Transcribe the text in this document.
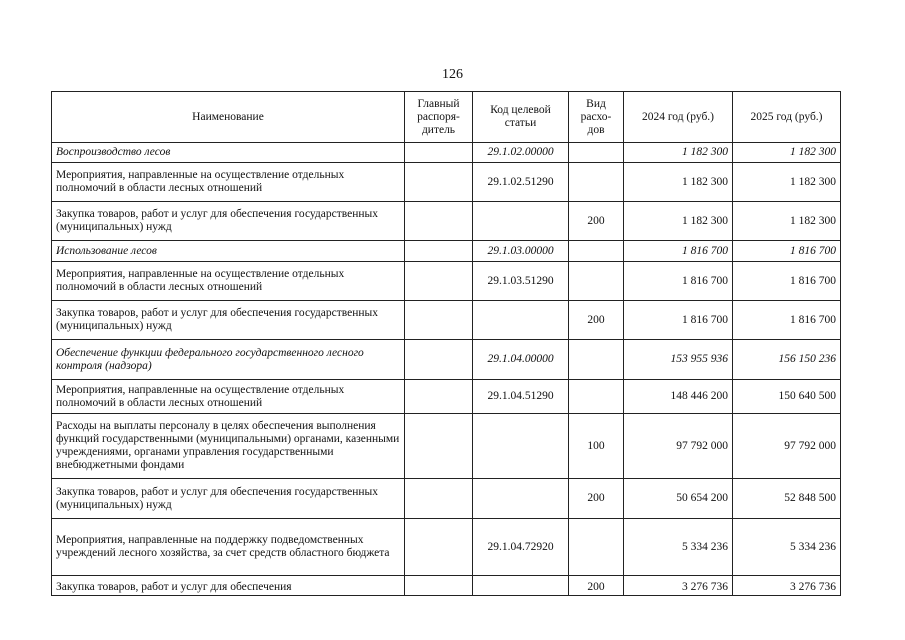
126
Наименование	Главный распоря-дитель	Код целевой статьи	Вид расхо-дов	2024 год (руб.)	2025 год (руб.)
Воспроизводство лесов		29.1.02.00000		1 182 300	1 182 300
Мероприятия, направленные на осуществление отдельных полномочий в области лесных отношений		29.1.02.51290		1 182 300	1 182 300
Закупка товаров, работ и услуг для обеспечения государственных (муниципальных) нужд			200	1 182 300	1 182 300
Использование лесов		29.1.03.00000		1 816 700	1 816 700
Мероприятия, направленные на осуществление отдельных полномочий в области лесных отношений		29.1.03.51290		1 816 700	1 816 700
Закупка товаров, работ и услуг для обеспечения государственных (муниципальных) нужд			200	1 816 700	1 816 700
Обеспечение функции федерального государственного лесного контроля (надзора)		29.1.04.00000		153 955 936	156 150 236
Мероприятия, направленные на осуществление отдельных полномочий в области лесных отношений		29.1.04.51290		148 446 200	150 640 500
Расходы на выплаты персоналу в целях обеспечения выполнения функций государственными (муниципальными) органами, казенными учреждениями, органами управления государственными внебюджетными фондами			100	97 792 000	97 792 000
Закупка товаров, работ и услуг для обеспечения государственных (муниципальных) нужд			200	50 654 200	52 848 500
Мероприятия, направленные на поддержку подведомственных учреждений лесного хозяйства, за счет средств областного бюджета		29.1.04.72920		5 334 236	5 334 236
Закупка товаров, работ и услуг для обеспечения			200	3 276 736	3 276 736
